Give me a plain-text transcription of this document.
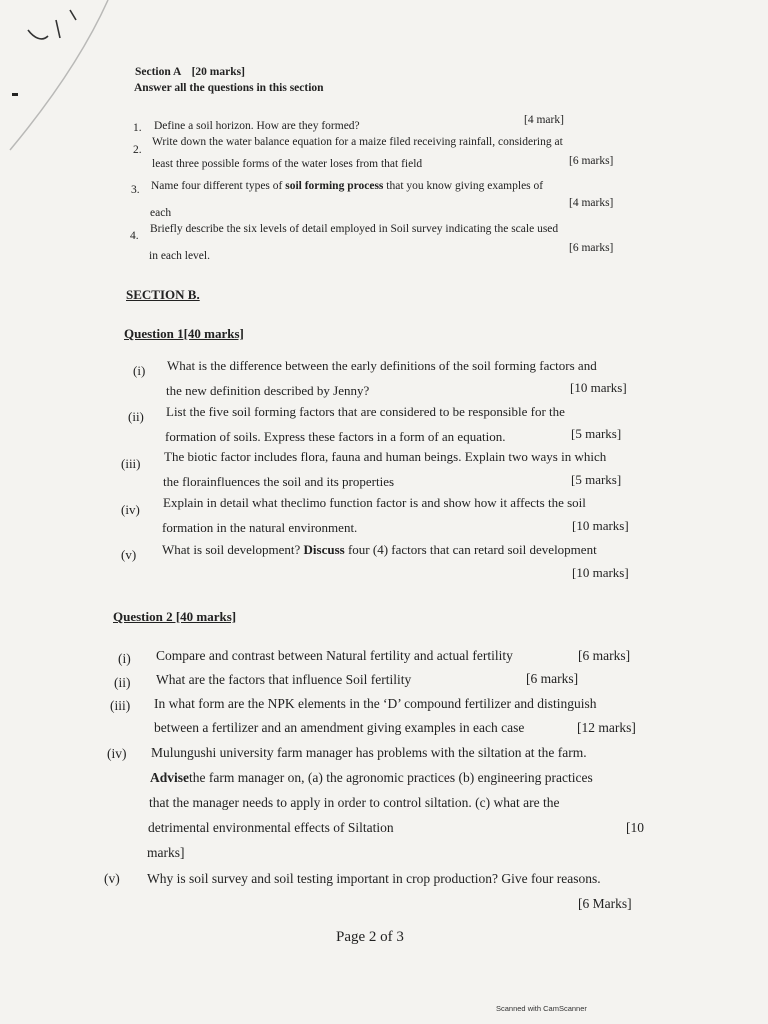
Section A [20 marks]
Answer all the questions in this section
1. Define a soil horizon. How are they formed?	[4 mark]
2.
Write down the water balance equation for a maize filed receiving rainfall, considering at
least three possible forms of the water loses from that field	[6 marks]
3. Name four different types of soil forming process that you know giving examples of
each
[4 marks]
4.
Briefly describe the six levels of detail employed in Soil survey indicating the scale used
in each level.
[6 marks]
SECTION B.
Question 1[40 marks]
(i) What is the difference between the early definitions of the soil forming factors and
the new definition described by Jenny?	[10 marks]
(ii) List the five soil forming factors that are considered to be responsible for the
formation of soils. Express these factors in a form of an equation.	[5 marks]
(iii) The biotic factor includes flora, fauna and human beings. Explain two ways in which
the florainfluences the soil and its properties	[5 marks]
(iv) Explain in detail what theclimo function factor is and show how it affects the soil
formation in the natural environment.	[10 marks]
(v) What is soil development? Discuss four (4) factors that can retard soil development
[10 marks]
Question 2 [40 marks]
(i) Compare and contrast between Natural fertility and actual fertility	[6 marks]
(ii) What are the factors that influence Soil fertility	[6 marks]
(iii) In what form are the NPK elements in the ‘D’ compound fertilizer and distinguish
between a fertilizer and an amendment giving examples in each case	[12 marks]
(iv) Mulungushi university farm manager has problems with the siltation at the farm.
Advisethe farm manager on, (a) the agronomic practices (b) engineering practices
that the manager needs to apply in order to control siltation. (c) what are the
detrimental environmental effects of Siltation	[10
marks]
(v) Why is soil survey and soil testing important in crop production? Give four reasons.
[6 Marks]
Page 2 of 3
Scanned with CamScanner
